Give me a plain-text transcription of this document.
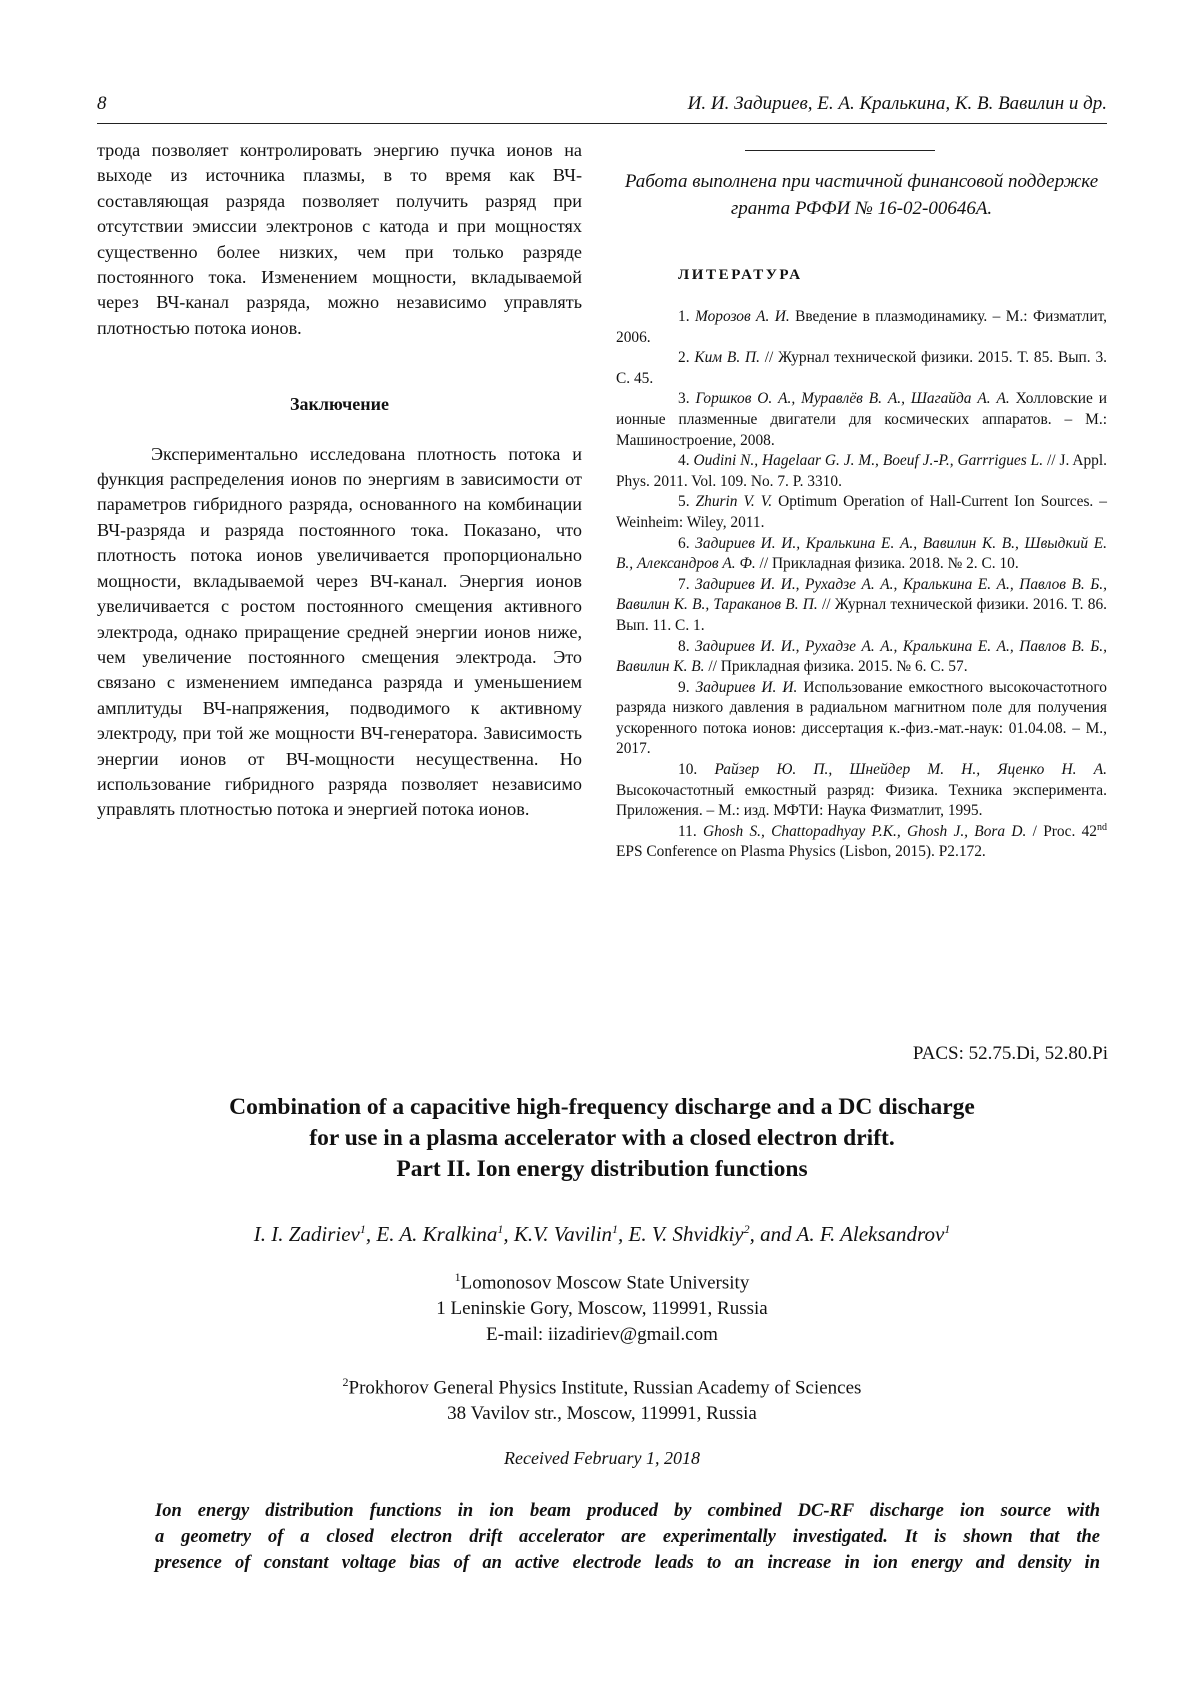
8	И. И. Задириев, Е. А. Кралькина, К. В. Вавилин и др.

трода позволяет контролировать энергию пучка ионов на выходе из источника плазмы, в то время как ВЧ-составляющая разряда позволяет получить разряд при отсутствии эмиссии электронов с катода и при мощностях существенно более низких, чем при только разряде постоянного тока. Изменением мощности, вкладываемой через ВЧ-канал разряда, можно независимо управлять плотностью потока ионов.

Заключение

Экспериментально исследована плотность потока и функция распределения ионов по энергиям в зависимости от параметров гибридного разряда, основанного на комбинации ВЧ-разряда и разряда постоянного тока. Показано, что плотность потока ионов увеличивается пропорционально мощности, вкладываемой через ВЧ-канал. Энергия ионов увеличивается с ростом постоянного смещения активного электрода, однако приращение средней энергии ионов ниже, чем увеличение постоянного смещения электрода. Это связано с изменением импеданса разряда и уменьшением амплитуды ВЧ-напряжения, подводимого к активному электроду, при той же мощности ВЧ-генератора. Зависимость энергии ионов от ВЧ-мощности несущественна. Но использование гибридного разряда позволяет независимо управлять плотностью потока и энергией потока ионов.

Работа выполнена при частичной финансовой поддержке гранта РФФИ № 16-02-00646А.
ЛИТЕРАТУРА

1. Морозов А. И. Введение в плазмодинамику. – М.: Физматлит, 2006.

2. Ким В. П. // Журнал технической физики. 2015. Т. 85. Вып. 3. С. 45.

3. Горшков О. А., Муравлёв В. А., Шагайда А. А. Холловские и ионные плазменные двигатели для космических аппаратов. – М.: Машиностроение, 2008.

4. Oudini N., Hagelaar G. J. M., Boeuf J.-P., Garrrigues L. // J. Appl. Phys. 2011. Vol. 109. No. 7. P. 3310.

5. Zhurin V. V. Optimum Operation of Hall-Current Ion Sources. – Weinheim: Wiley, 2011.

6. Задириев И. И., Кралькина Е. А., Вавилин К. В., Швыдкий Е. В., Александров А. Ф. // Прикладная физика. 2018. № 2. С. 10.

7. Задириев И. И., Рухадзе А. А., Кралькина Е. А., Павлов В. Б., Вавилин К. В., Тараканов В. П. // Журнал технической физики. 2016. Т. 86. Вып. 11. С. 1.

8. Задириев И. И., Рухадзе А. А., Кралькина Е. А., Павлов В. Б., Вавилин К. В. // Прикладная физика. 2015. № 6. С. 57.

9. Задириев И. И. Использование емкостного высокочастотного разряда низкого давления в радиальном магнитном поле для получения ускоренного потока ионов: диссертация к.-физ.-мат.-наук: 01.04.08. – М., 2017.

10. Райзер Ю. П., Шнейдер М. Н., Яценко Н. А. Высокочастотный емкостный разряд: Физика. Техника эксперимента. Приложения. – М.: изд. МФТИ: Наука Физматлит, 1995.

11. Ghosh S., Chattopadhyay P.K., Ghosh J., Bora D. / Proc. 42nd EPS Conference on Plasma Physics (Lisbon, 2015). P2.172.

PACS: 52.75.Di, 52.80.Pi
Combination of a capacitive high-frequency discharge and a DC discharge
for use in a plasma accelerator with a closed electron drift.
Part II. Ion energy distribution functions
I. I. Zadiriev1, E. A. Kralkina1, K.V. Vavilin1, E. V. Shvidkiy2, and A. F. Aleksandrov1
1Lomonosov Moscow State University
1 Leninskie Gory, Moscow, 119991, Russia
E-mail: iizadiriev@gmail.com
2Prokhorov General Physics Institute, Russian Academy of Sciences
38 Vavilov str., Moscow, 119991, Russia
Received February 1, 2018
Ion energy distribution functions in ion beam produced by combined DC-RF discharge ion source with
a geometry of a closed electron drift accelerator are experimentally investigated. It is shown that the
presence of constant voltage bias of an active electrode leads to an increase in ion energy and density in
